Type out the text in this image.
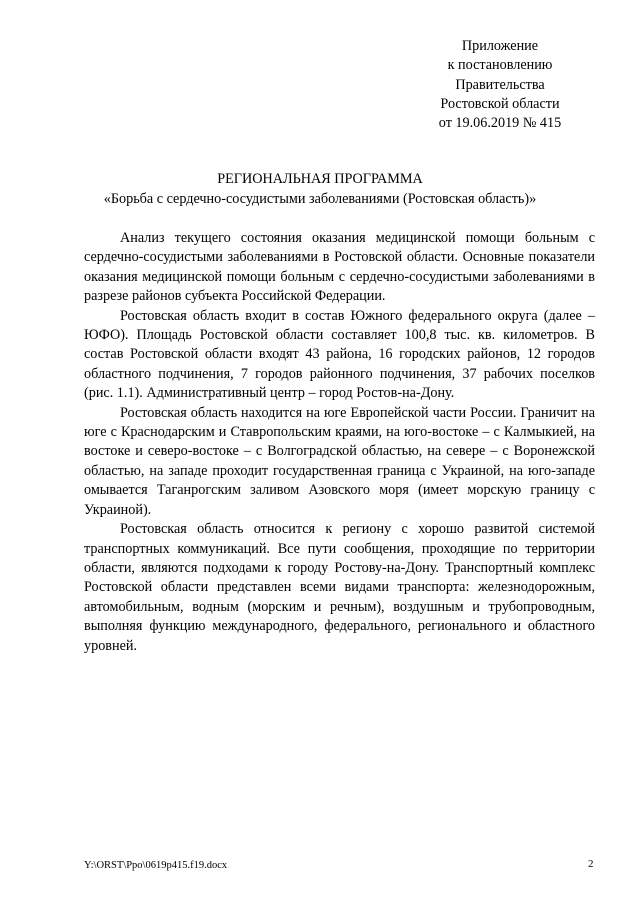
Приложение
к постановлению
Правительства
Ростовской области
от 19.06.2019 № 415
РЕГИОНАЛЬНАЯ ПРОГРАММА
«Борьба с сердечно-сосудистыми заболеваниями (Ростовская область)»

Анализ текущего состояния оказания медицинской помощи больным с сердечно-сосудистыми заболеваниями в Ростовской области. Основные показатели оказания медицинской помощи больным с сердечно-сосудистыми заболеваниями в разрезе районов субъекта Российской Федерации.

Ростовская область входит в состав Южного федерального округа (далее – ЮФО). Площадь Ростовской области составляет 100,8 тыс. кв. километров. В состав Ростовской области входят 43 района, 16 городских районов, 12 городов областного подчинения, 7 городов районного подчинения, 37 рабочих поселков (рис. 1.1). Административный центр – город Ростов-на-Дону.

Ростовская область находится на юге Европейской части России. Граничит на юге с Краснодарским и Ставропольским краями, на юго-востоке – с Калмыкией, на востоке и северо-востоке – с Волгоградской областью, на севере – с Воронежской областью, на западе проходит государственная граница с Украиной, на юго-западе омывается Таганрогским заливом Азовского моря (имеет морскую границу с Украиной).

Ростовская область относится к региону с хорошо развитой системой транспортных коммуникаций. Все пути сообщения, проходящие по территории области, являются подходами к городу Ростову-на-Дону. Транспортный комплекс Ростовской области представлен всеми видами транспорта: железнодорожным, автомобильным, водным (морским и речным), воздушным и трубопроводным, выполняя функцию международного, федерального, регионального и областного уровней.

Y:\ORST\Ppo\0619p415.f19.docx	2
